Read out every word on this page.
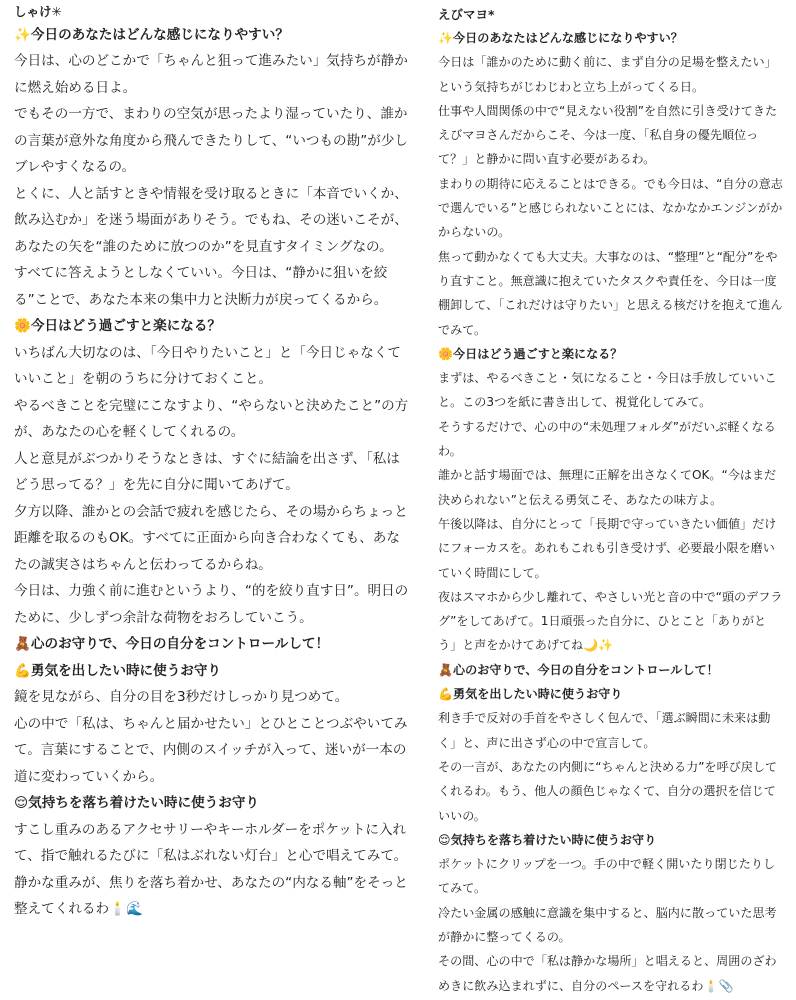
しゃけ✳︎
✨今日のあなたはどんな感じになりやすい？
今日は、心のどこかで「ちゃんと狙って進みたい」気持ちが静かに燃え始める日よ。
でもその一方で、まわりの空気が思ったより湿っていたり、誰かの言葉が意外な角度から飛んできたりして、“いつもの勘”が少しブレやすくなるの。
とくに、人と話すときや情報を受け取るときに「本音でいくか、飲み込むか」を迷う場面がありそう。でもね、その迷いこそが、あなたの矢を“誰のために放つのか”を見直すタイミングなの。
すべてに答えようとしなくていい。今日は、“静かに狙いを絞る”ことで、あなた本来の集中力と決断力が戻ってくるから。
🌼今日はどう過ごすと楽になる？
いちばん大切なのは、「今日やりたいこと」と「今日じゃなくていいこと」を朝のうちに分けておくこと。
やるべきことを完璧にこなすより、“やらないと決めたこと”の方が、あなたの心を軽くしてくれるの。
人と意見がぶつかりそうなときは、すぐに結論を出さず、「私はどう思ってる？」を先に自分に聞いてあげて。
夕方以降、誰かとの会話で疲れを感じたら、その場からちょっと距離を取るのもOK。すべてに正面から向き合わなくても、あなたの誠実さはちゃんと伝わってるからね。
今日は、力強く前に進むというより、“的を絞り直す日”。明日のために、少しずつ余計な荷物をおろしていこう。
🧸心のお守りで、今日の自分をコントロールして！
💪勇気を出したい時に使うお守り
鏡を見ながら、自分の目を3秒だけしっかり見つめて。
心の中で「私は、ちゃんと届かせたい」とひとことつぶやいてみて。言葉にすることで、内側のスイッチが入って、迷いが一本の道に変わっていくから。
😌気持ちを落ち着けたい時に使うお守り
すこし重みのあるアクセサリーやキーホルダーをポケットに入れて、指で触れるたびに「私はぶれない灯台」と心で唱えてみて。
静かな重みが、焦りを落ち着かせ、あなたの“内なる軸”をそっと整えてくれるわ🕯️🌊
えびマヨ*
✨今日のあなたはどんな感じになりやすい？
今日は「誰かのために動く前に、まず自分の足場を整えたい」という気持ちがじわじわと立ち上がってくる日。
仕事や人間関係の中で“見えない役割”を自然に引き受けてきたえびマヨさんだからこそ、今は一度、「私自身の優先順位って？」と静かに問い直す必要があるわ。
まわりの期待に応えることはできる。でも今日は、“自分の意志で選んでいる”と感じられないことには、なかなかエンジンがかからないの。
焦って動かなくても大丈夫。大事なのは、“整理”と“配分”をやり直すこと。無意識に抱えていたタスクや責任を、今日は一度棚卸して、「これだけは守りたい」と思える核だけを抱えて進んでみて。
🌼今日はどう過ごすと楽になる？
まずは、やるべきこと・気になること・今日は手放していいこと。この3つを紙に書き出して、視覚化してみて。
そうするだけで、心の中の“未処理フォルダ”がだいぶ軽くなるわ。
誰かと話す場面では、無理に正解を出さなくてOK。“今はまだ決められない”と伝える勇気こそ、あなたの味方よ。
午後以降は、自分にとって「長期で守っていきたい価値」だけにフォーカスを。あれもこれも引き受けず、必要最小限を磨いていく時間にして。
夜はスマホから少し離れて、やさしい光と音の中で“頭のデフラグ”をしてあげて。1日頑張った自分に、ひとこと「ありがとう」と声をかけてあげてね🌙✨
🧸心のお守りで、今日の自分をコントロールして！
💪勇気を出したい時に使うお守り
利き手で反対の手首をやさしく包んで、「選ぶ瞬間に未来は動く」と、声に出さず心の中で宣言して。
その一言が、あなたの内側に“ちゃんと決める力”を呼び戻してくれるわ。もう、他人の顔色じゃなくて、自分の選択を信じていいの。
😌気持ちを落ち着けたい時に使うお守り
ポケットにクリップを一つ。手の中で軽く開いたり閉じたりしてみて。
冷たい金属の感触に意識を集中すると、脳内に散っていた思考が静かに整ってくるの。
その間、心の中で「私は静かな場所」と唱えると、周囲のざわめきに飲み込まれずに、自分のペースを守れるわ🕯️📎
